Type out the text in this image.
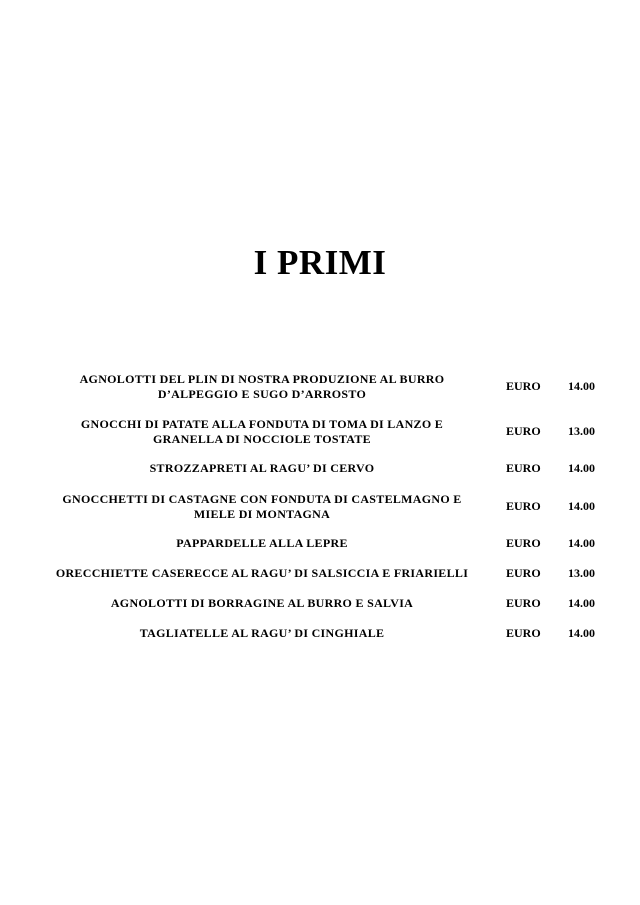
I PRIMI
AGNOLOTTI DEL PLIN DI NOSTRA PRODUZIONE AL BURRO
D’ALPEGGIO E SUGO D’ARROSTO
EURO 14.00
GNOCCHI DI PATATE ALLA FONDUTA DI TOMA DI LANZO E
GRANELLA DI NOCCIOLE TOSTATE
EURO 13.00
STROZZAPRETI AL RAGU’ DI CERVO	EURO 14.00
GNOCCHETTI DI CASTAGNE CON FONDUTA DI CASTELMAGNO E
MIELE DI MONTAGNA
EURO 14.00
PAPPARDELLE ALLA LEPRE	EURO 14.00
ORECCHIETTE CASERECCE AL RAGU’ DI SALSICCIA E FRIARIELLI	EURO 13.00
AGNOLOTTI DI BORRAGINE AL BURRO E SALVIA	EURO 14.00
TAGLIATELLE AL RAGU’ DI CINGHIALE	EURO 14.00
